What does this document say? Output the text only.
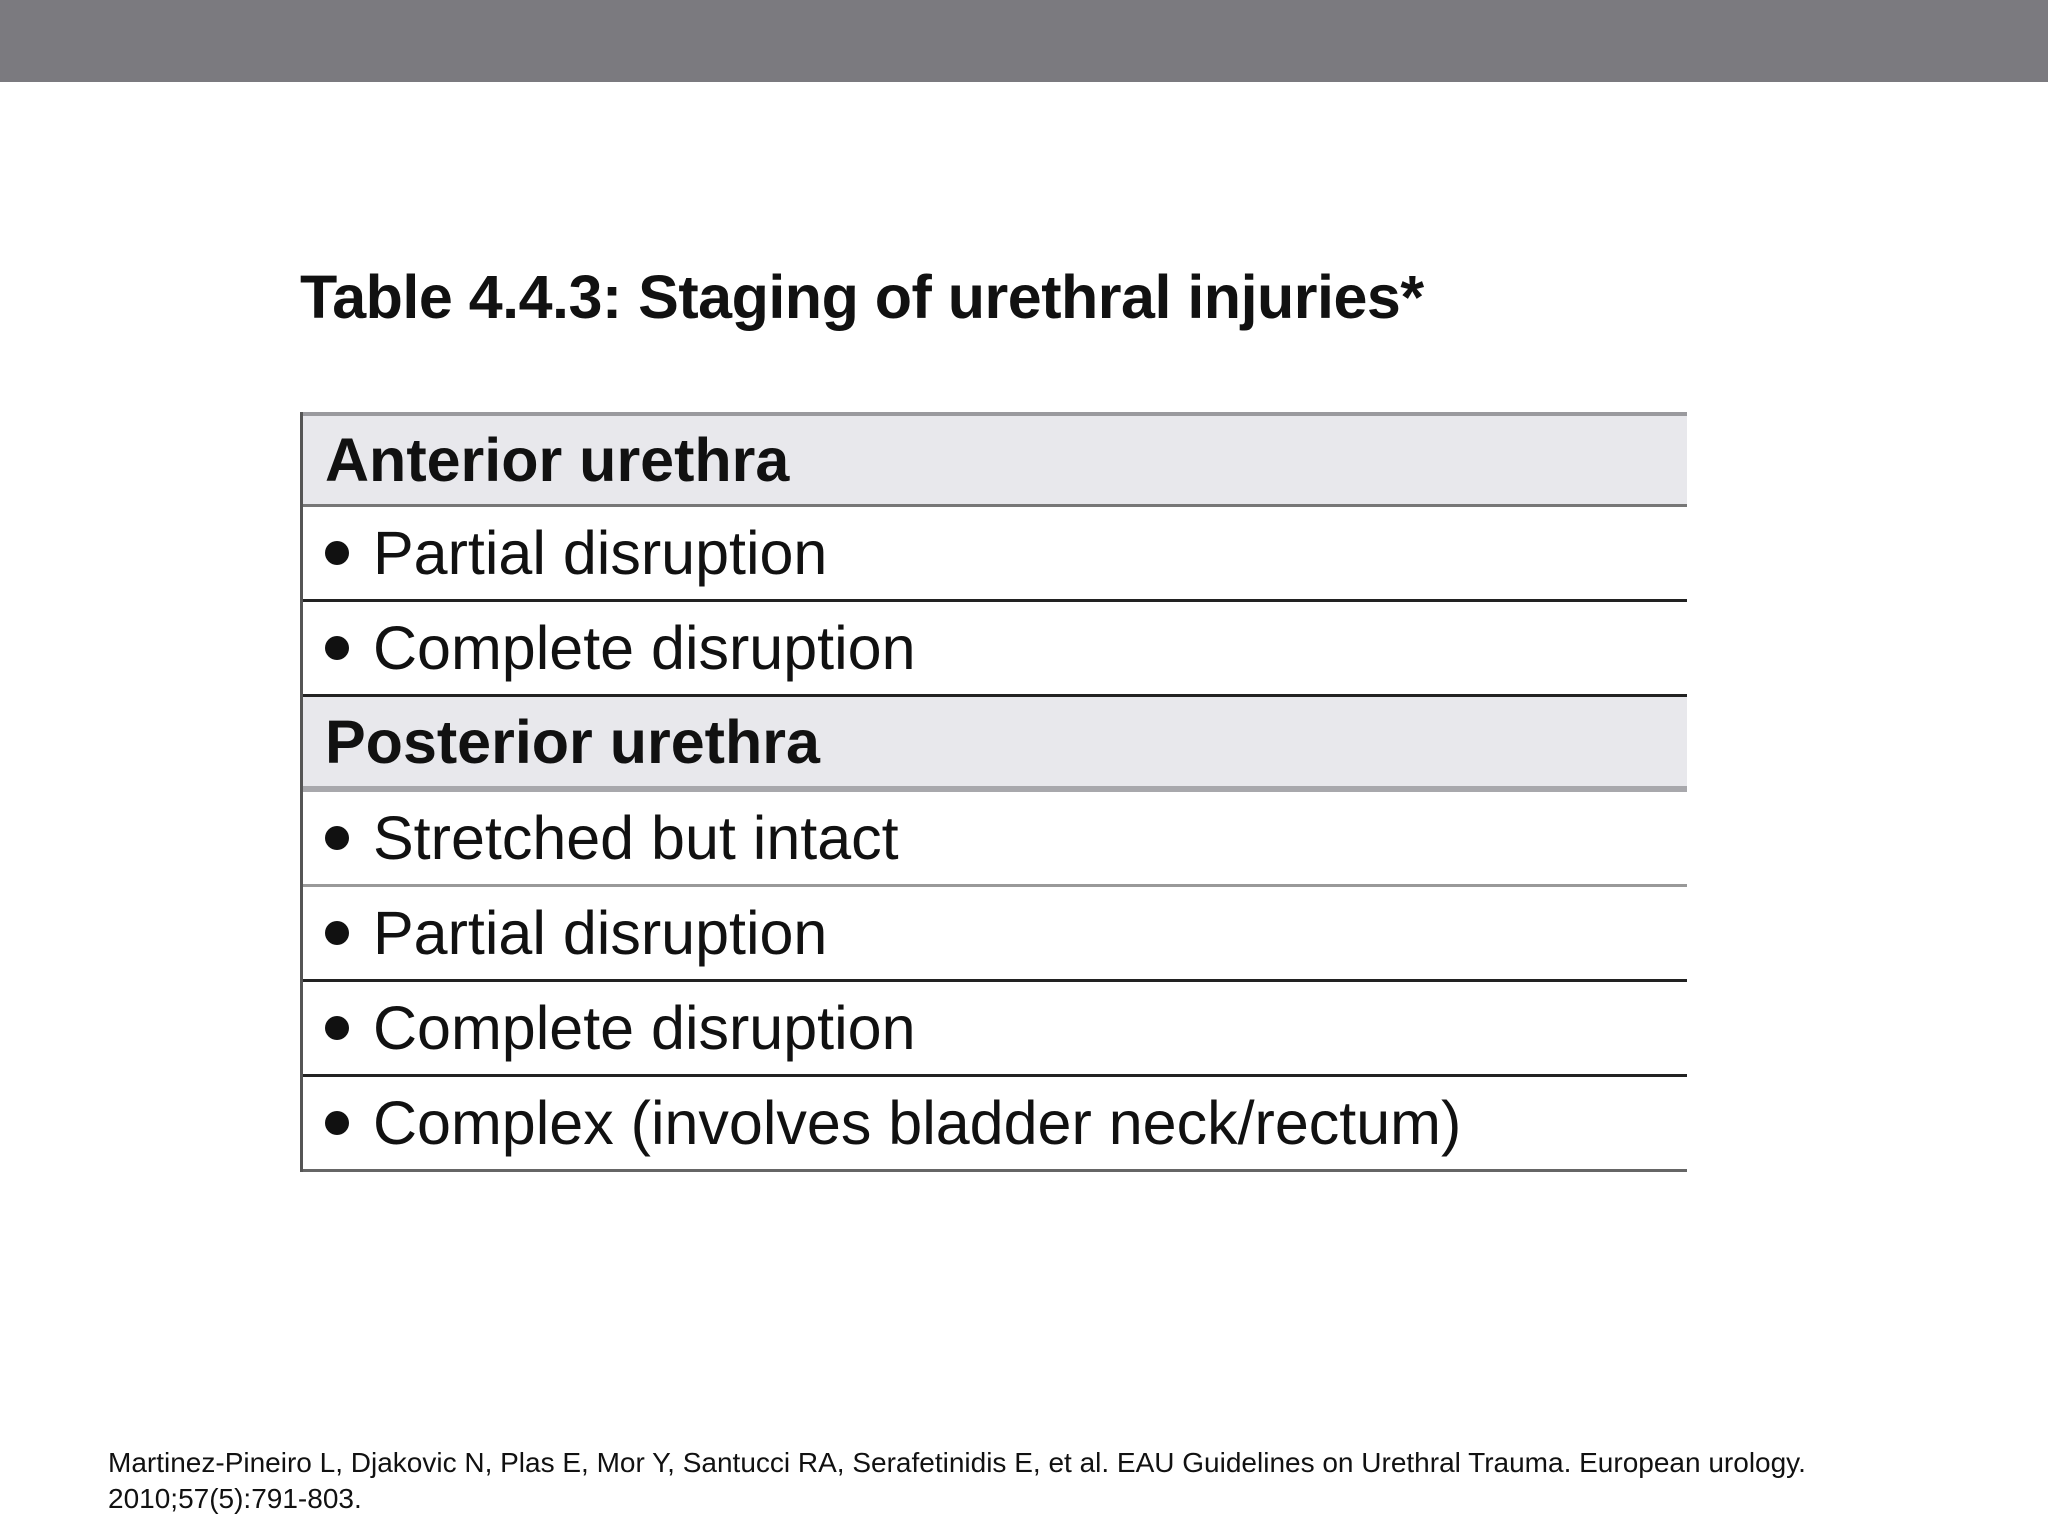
Table 4.4.3: Staging of urethral injuries*
Anterior urethra
Partial disruption
Complete disruption
Posterior urethra
Stretched but intact
Partial disruption
Complete disruption
Complex (involves bladder neck/rectum)
Martinez-Pineiro L, Djakovic N, Plas E, Mor Y, Santucci RA, Serafetinidis E, et al. EAU Guidelines on Urethral Trauma. European urology. 2010;57(5):791-803.
